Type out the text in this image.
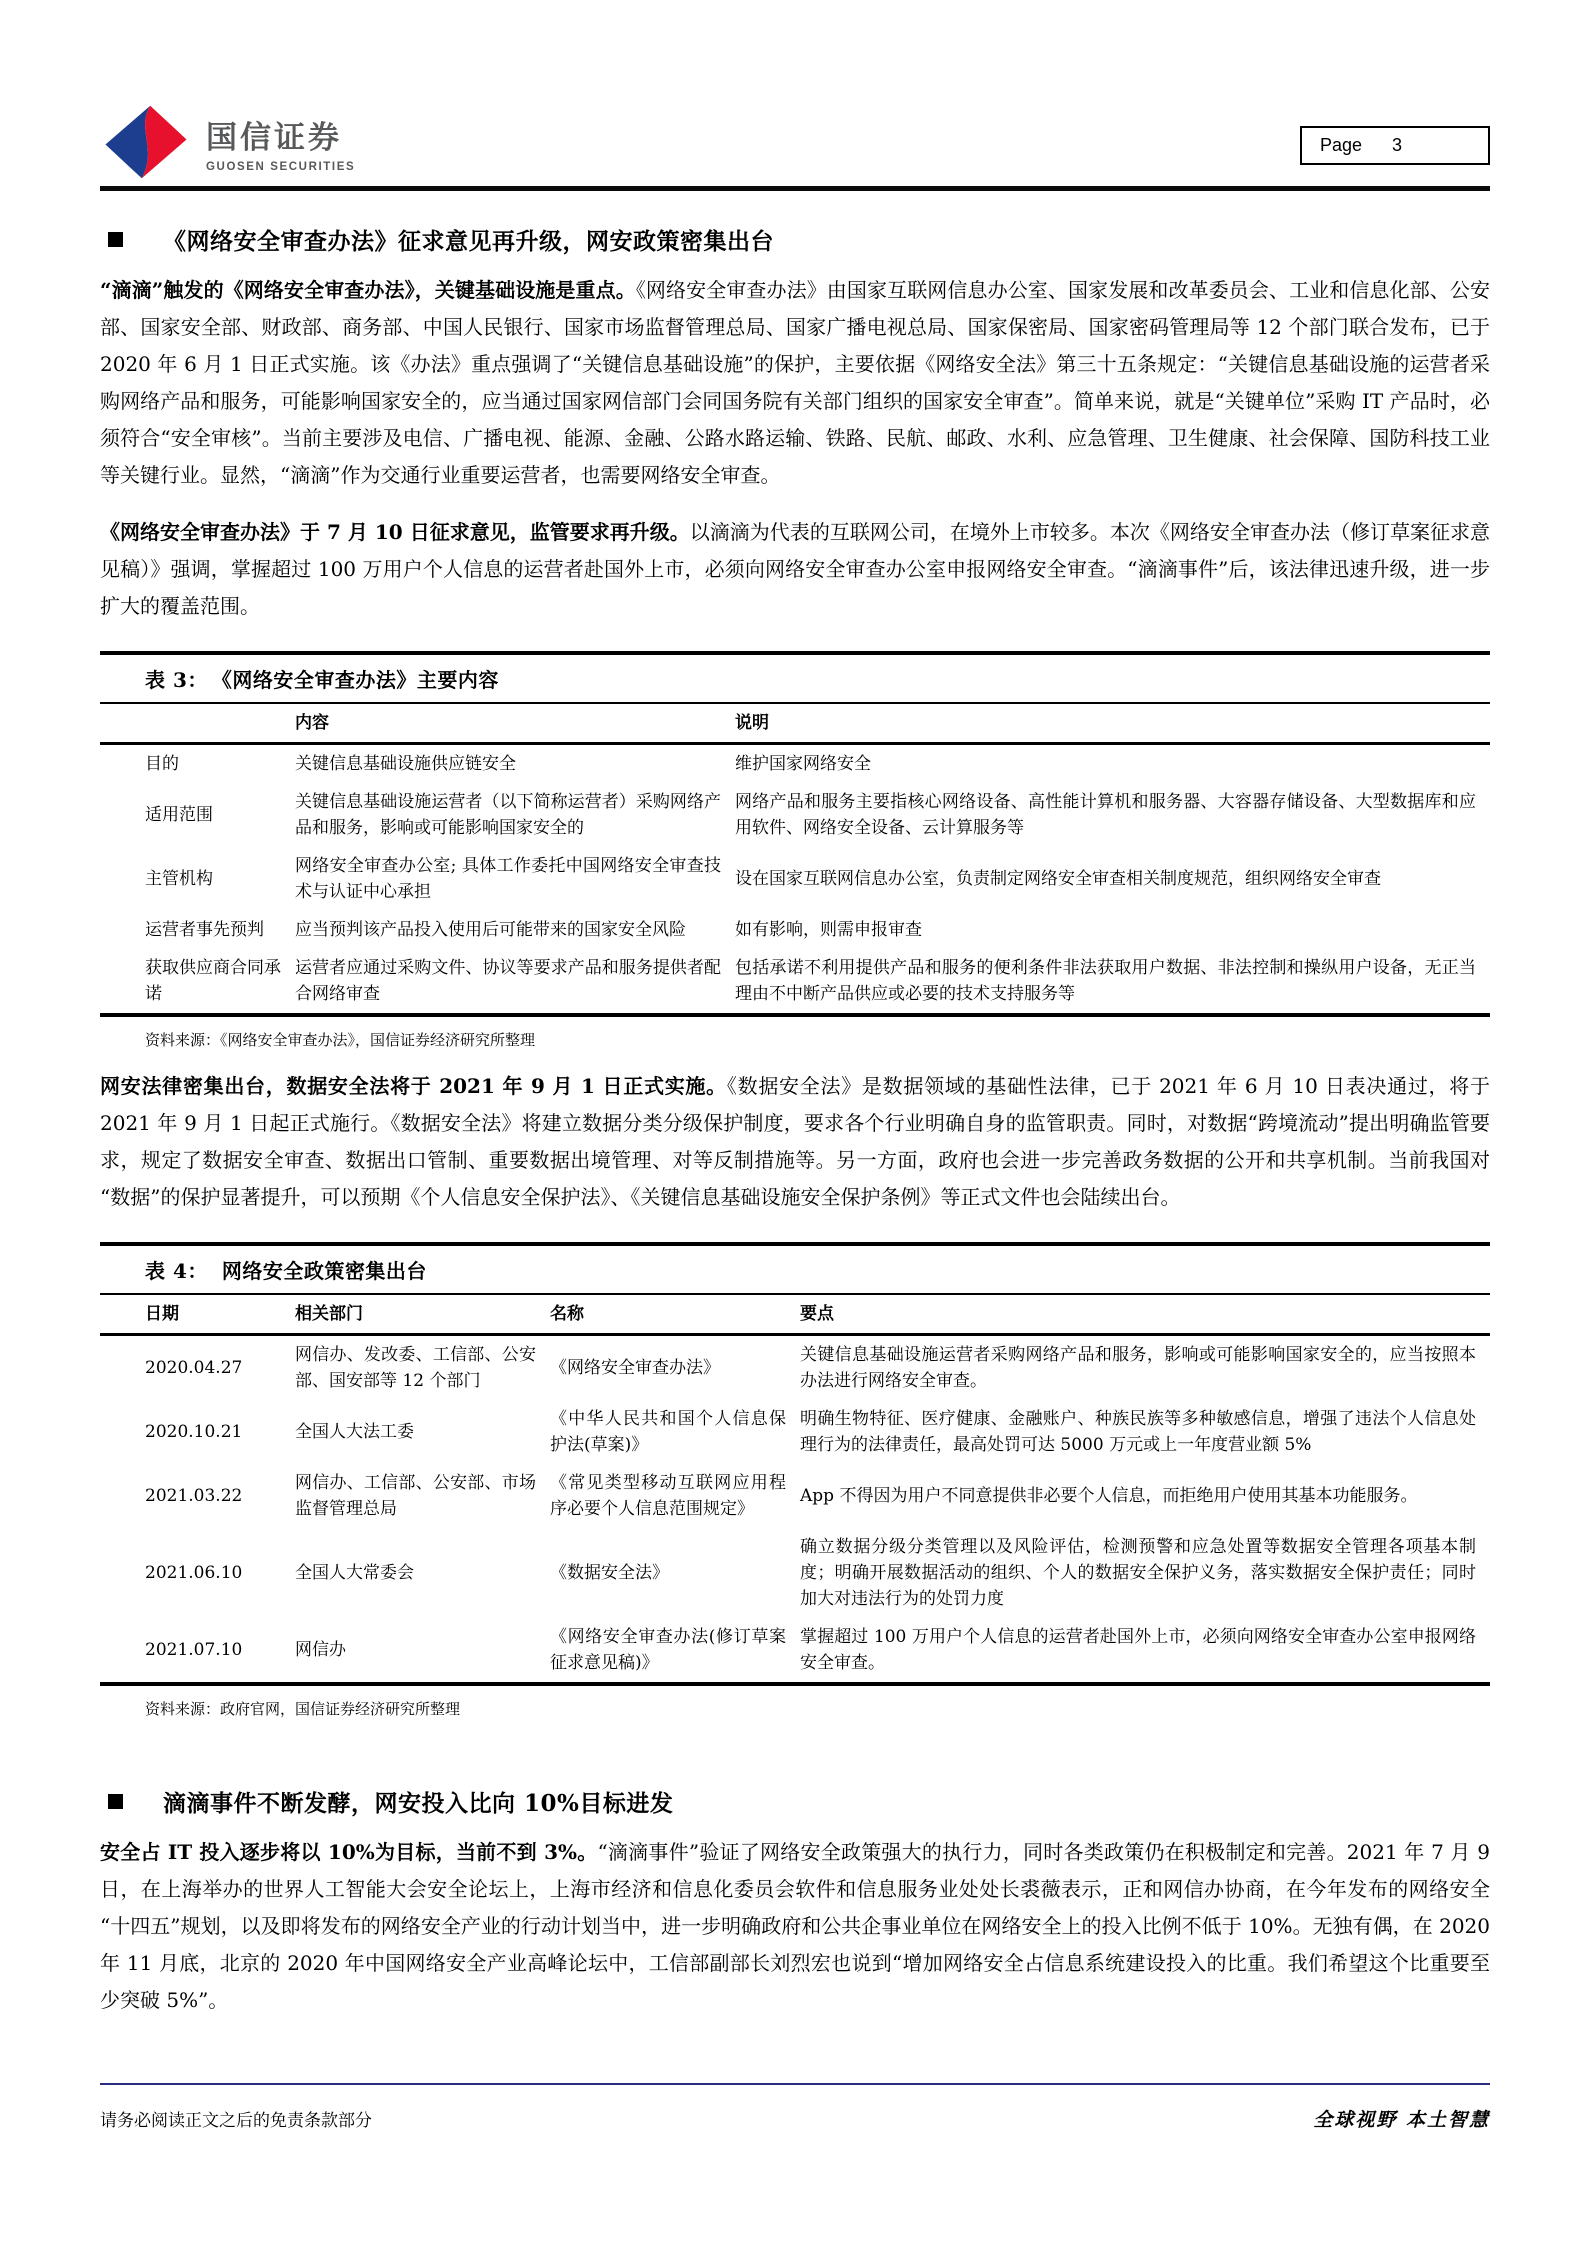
国信证券
GUOSEN SECURITIES
Page 3
《网络安全审查办法》征求意见再升级，网安政策密集出台

“滴滴”触发的《网络安全审查办法》，关键基础设施是重点。《网络安全审查办法》由国家互联网信息办公室、国家发展和改革委员会、工业和信息化部、公安部、国家安全部、财政部、商务部、中国人民银行、国家市场监督管理总局、国家广播电视总局、国家保密局、国家密码管理局等 12 个部门联合发布，已于 2020 年 6 月 1 日正式实施。该《办法》重点强调了“关键信息基础设施”的保护，主要依据《网络安全法》第三十五条规定：“关键信息基础设施的运营者采购网络产品和服务，可能影响国家安全的，应当通过国家网信部门会同国务院有关部门组织的国家安全审查”。简单来说，就是“关键单位”采购 IT 产品时，必须符合“安全审核”。当前主要涉及电信、广播电视、能源、金融、公路水路运输、铁路、民航、邮政、水利、应急管理、卫生健康、社会保障、国防科技工业等关键行业。显然，“滴滴”作为交通行业重要运营者，也需要网络安全审查。

《网络安全审查办法》于 7 月 10 日征求意见，监管要求再升级。以滴滴为代表的互联网公司，在境外上市较多。本次《网络安全审查办法（修订草案征求意见稿）》强调，掌握超过 100 万用户个人信息的运营者赴国外上市，必须向网络安全审查办公室申报网络安全审查。“滴滴事件”后，该法律迅速升级，进一步扩大的覆盖范围。

表 3： 《网络安全审查办法》主要内容
	内容	说明
目的	关键信息基础设施供应链安全	维护国家网络安全
适用范围	关键信息基础设施运营者（以下简称运营者）采购网络产品和服务，影响或可能影响国家安全的	网络产品和服务主要指核心网络设备、高性能计算机和服务器、大容器存储设备、大型数据库和应用软件、网络安全设备、云计算服务等
主管机构	网络安全审查办公室; 具体工作委托中国网络安全审查技术与认证中心承担	设在国家互联网信息办公室，负责制定网络安全审查相关制度规范，组织网络安全审查
运营者事先预判	应当预判该产品投入使用后可能带来的国家安全风险	如有影响，则需申报审查
获取供应商合同承诺	运营者应通过采购文件、协议等要求产品和服务提供者配合网络审查	包括承诺不利用提供产品和服务的便利条件非法获取用户数据、非法控制和操纵用户设备，无正当理由不中断产品供应或必要的技术支持服务等
资料来源：《网络安全审查办法》，国信证券经济研究所整理

网安法律密集出台，数据安全法将于 2021 年 9 月 1 日正式实施。《数据安全法》是数据领域的基础性法律，已于 2021 年 6 月 10 日表决通过，将于 2021 年 9 月 1 日起正式施行。《数据安全法》将建立数据分类分级保护制度，要求各个行业明确自身的监管职责。同时，对数据“跨境流动”提出明确监管要求，规定了数据安全审查、数据出口管制、重要数据出境管理、对等反制措施等。另一方面，政府也会进一步完善政务数据的公开和共享机制。当前我国对“数据”的保护显著提升，可以预期《个人信息安全保护法》、《关键信息基础设施安全保护条例》等正式文件也会陆续出台。

表 4： 网络安全政策密集出台
日期	相关部门	名称	要点
2020.04.27	网信办、发改委、工信部、公安部、国安部等 12 个部门	《网络安全审查办法》	关键信息基础设施运营者采购网络产品和服务，影响或可能影响国家安全的，应当按照本办法进行网络安全审查。
2020.10.21	全国人大法工委	《中华人民共和国个人信息保护法(草案)》	明确生物特征、医疗健康、金融账户、种族民族等多种敏感信息，增强了违法个人信息处理行为的法律责任，最高处罚可达 5000 万元或上一年度营业额 5%
2021.03.22	网信办、工信部、公安部、市场监督管理总局	《常见类型移动互联网应用程序必要个人信息范围规定》	App 不得因为用户不同意提供非必要个人信息，而拒绝用户使用其基本功能服务。
2021.06.10	全国人大常委会	《数据安全法》	确立数据分级分类管理以及风险评估，检测预警和应急处置等数据安全管理各项基本制度；明确开展数据活动的组织、个人的数据安全保护义务，落实数据安全保护责任；同时加大对违法行为的处罚力度
2021.07.10	网信办	《网络安全审查办法(修订草案征求意见稿)》	掌握超过 100 万用户个人信息的运营者赴国外上市，必须向网络安全审查办公室申报网络安全审查。
资料来源：政府官网，国信证券经济研究所整理
滴滴事件不断发酵，网安投入比向 10%目标进发

安全占 IT 投入逐步将以 10%为目标，当前不到 3%。“滴滴事件”验证了网络安全政策强大的执行力，同时各类政策仍在积极制定和完善。2021 年 7 月 9 日，在上海举办的世界人工智能大会安全论坛上，上海市经济和信息化委员会软件和信息服务业处处长裘薇表示，正和网信办协商，在今年发布的网络安全“十四五”规划，以及即将发布的网络安全产业的行动计划当中，进一步明确政府和公共企事业单位在网络安全上的投入比例不低于 10%。无独有偶，在 2020 年 11 月底，北京的 2020 年中国网络安全产业高峰论坛中，工信部副部长刘烈宏也说到“增加网络安全占信息系统建设投入的比重。我们希望这个比重要至少突破 5%”。

请务必阅读正文之后的免责条款部分	全球视野 本土智慧
